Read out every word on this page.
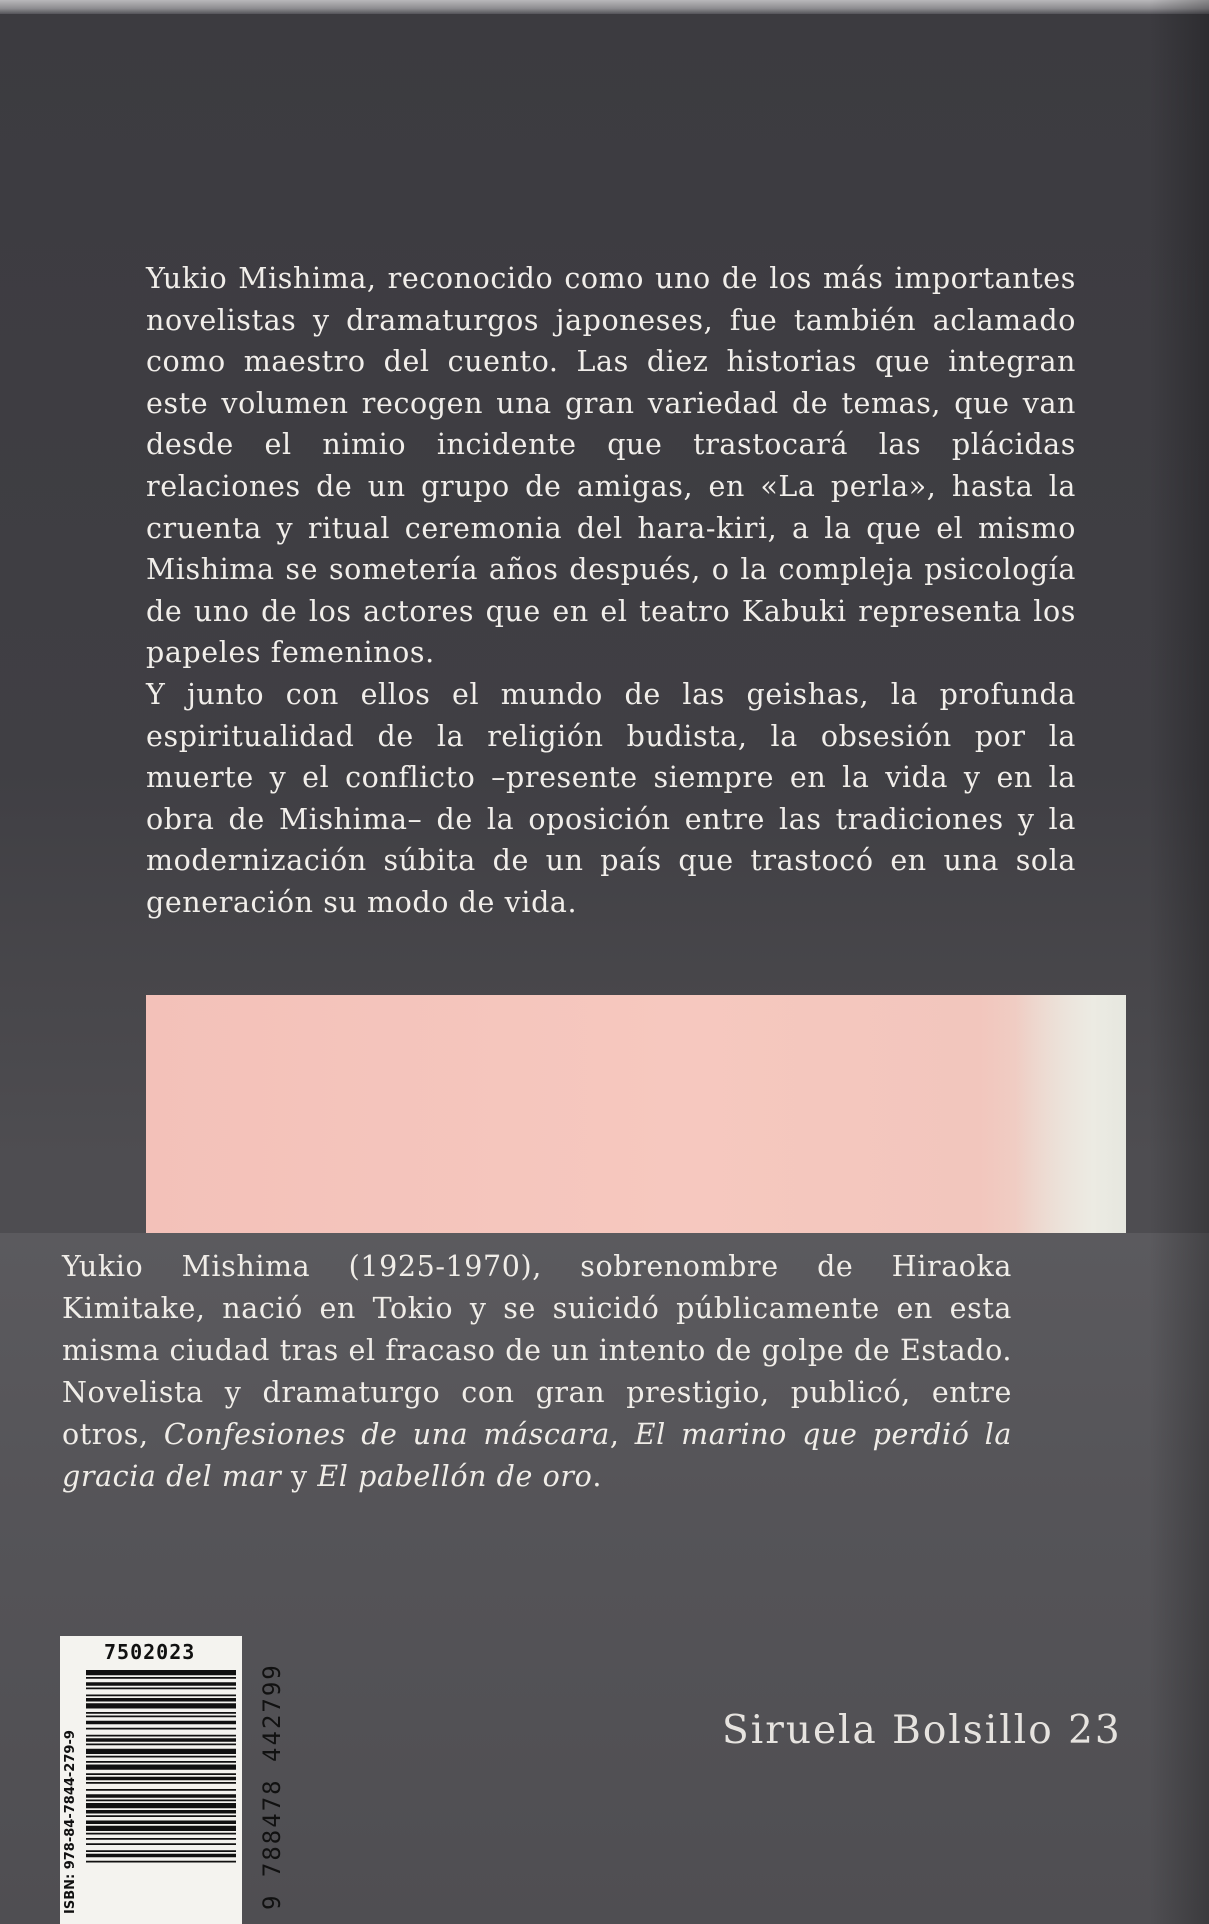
Yukio Mishima, reconocido como uno de los más importantes novelistas y dramaturgos japoneses, fue también aclamado como maestro del cuento. Las diez historias que integran este volumen recogen una gran variedad de temas, que van desde el nimio incidente que trastocará las plácidas relaciones de un grupo de amigas, en «La perla», hasta la cruenta y ritual ceremonia del hara-kiri, a la que el mismo Mishima se sometería años después, o la compleja psicología de uno de los actores que en el teatro Kabuki representa los papeles femeninos.

Y junto con ellos el mundo de las geishas, la profunda espiritualidad de la religión budista, la obsesión por la muerte y el conflicto –presente siempre en la vida y en la obra de Mishima– de la oposición entre las tradiciones y la modernización súbita de un país que trastocó en una sola generación su modo de vida.

Yukio Mishima (1925-1970), sobrenombre de Hiraoka Kimitake, nació en Tokio y se suicidó públicamente en esta misma ciudad tras el fracaso de un intento de golpe de Estado. Novelista y dramaturgo con gran prestigio, publicó, entre otros, Confesiones de una máscara, El marino que perdió la gracia del mar y El pabellón de oro.

Siruela Bolsillo 23
7502023
ISBN: 978-84-7844-279-9	9 788478 442799
